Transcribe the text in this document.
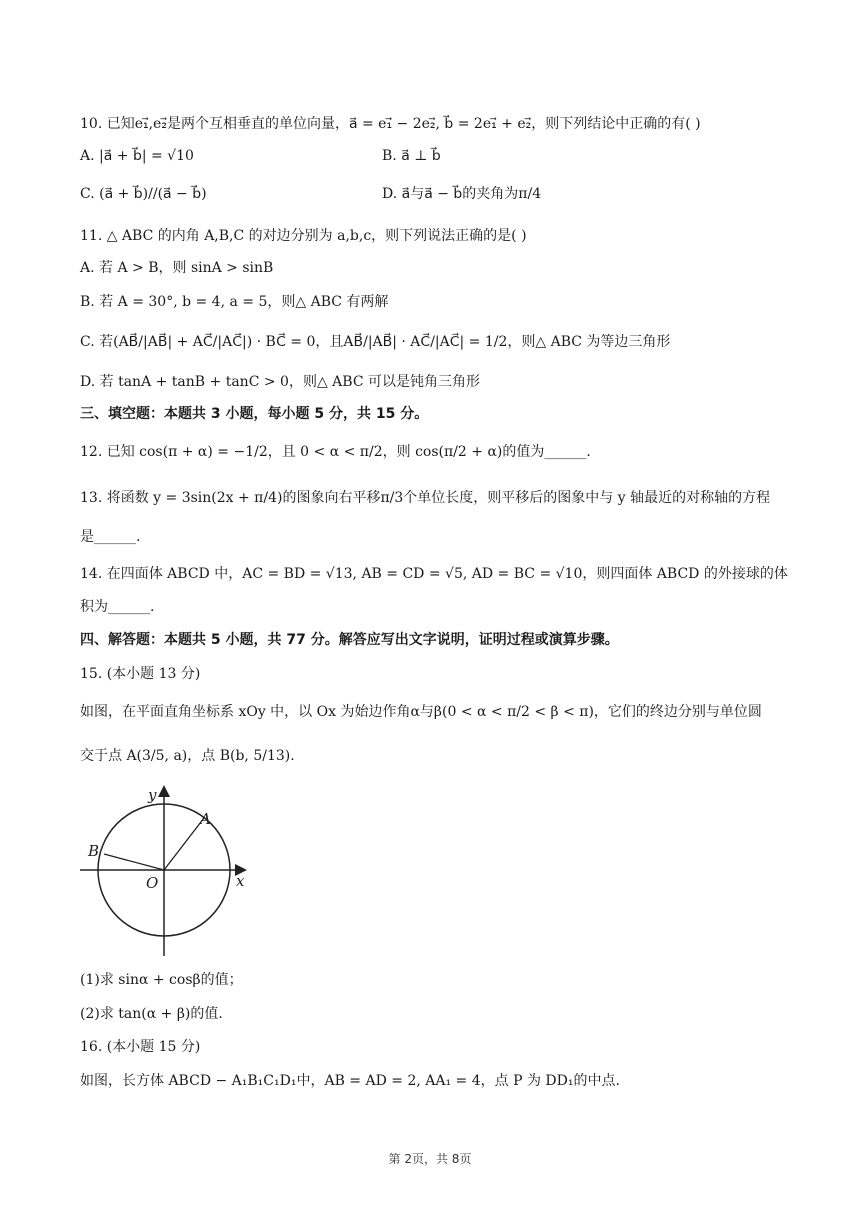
10. 已知e₁⃗,e₂⃗是两个互相垂直的单位向量，a⃗ = e₁⃗ − 2e₂⃗, b⃗ = 2e₁⃗ + e₂⃗，则下列结论中正确的有( )
A. |a⃗ + b⃗| = √10	B. a⃗ ⊥ b⃗
C. (a⃗ + b⃗)//(a⃗ − b⃗)	D. a⃗与a⃗ − b⃗的夹角为π/4
11. △ ABC 的内角 A,B,C 的对边分别为 a,b,c，则下列说法正确的是( )
A. 若 A > B，则 sinA > sinB
B. 若 A = 30°, b = 4, a = 5，则△ ABC 有两解
C. 若(AB⃗/|AB⃗| + AC⃗/|AC⃗|) · BC⃗ = 0，且AB⃗/|AB⃗| · AC⃗/|AC⃗| = 1/2，则△ ABC 为等边三角形
D. 若 tanA + tanB + tanC > 0，则△ ABC 可以是钝角三角形
三、填空题：本题共 3 小题，每小题 5 分，共 15 分。
12. 已知 cos(π + α) = −1/2，且 0 < α < π/2，则 cos(π/2 + α)的值为______.
13. 将函数 y = 3sin(2x + π/4)的图象向右平移π/3个单位长度，则平移后的图象中与 y 轴最近的对称轴的方程
是______.
14. 在四面体 ABCD 中，AC = BD = √13, AB = CD = √5, AD = BC = √10，则四面体 ABCD 的外接球的体
积为______.
四、解答题：本题共 5 小题，共 77 分。解答应写出文字说明，证明过程或演算步骤。
15. (本小题 13 分)
如图，在平面直角坐标系 xOy 中，以 Ox 为始边作角α与β(0 < α < π/2 < β < π)，它们的终边分别与单位圆
交于点 A(3/5, a)，点 B(b, 5/13).
y
x
O
A
B
(1)求 sinα + cosβ的值；
(2)求 tan(α + β)的值.
16. (本小题 15 分)
如图，长方体 ABCD − A₁B₁C₁D₁中，AB = AD = 2, AA₁ = 4，点 P 为 DD₁的中点.
第 2页，共 8页
